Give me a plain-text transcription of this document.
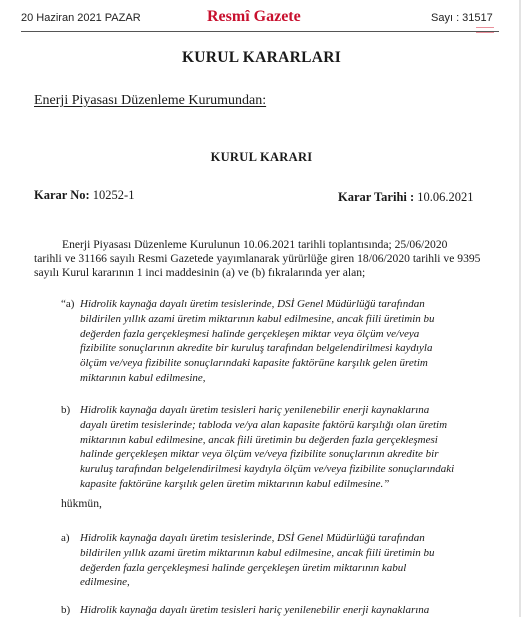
20 Haziran 2021 PAZAR	Resmî Gazete	Sayı : 31517
KURUL KARARLARI
Enerji Piyasası Düzenleme Kurumundan:
KURUL KARARI
Karar No: 10252-1	Karar Tarihi : 10.06.2021
Enerji Piyasası Düzenleme Kurulunun 10.06.2021 tarihli toplantısında; 25/06/2020
tarihli ve 31166 sayılı Resmi Gazetede yayımlanarak yürürlüğe giren 18/06/2020 tarihli ve 9395
sayılı Kurul kararının 1 inci maddesinin (a) ve (b) fıkralarında yer alan;
“a) Hidrolik kaynağa dayalı üretim tesislerinde, DSİ Genel Müdürlüğü tarafından
bildirilen yıllık azami üretim miktarının kabul edilmesine, ancak fiili üretimin bu
değerden fazla gerçekleşmesi halinde gerçekleşen miktar veya ölçüm ve/veya
fizibilite sonuçlarının akredite bir kuruluş tarafından belgelendirilmesi kaydıyla
ölçüm ve/veya fizibilite sonuçlarındaki kapasite faktörüne karşılık gelen üretim
miktarının kabul edilmesine,
b) Hidrolik kaynağa dayalı üretim tesisleri hariç yenilenebilir enerji kaynaklarına
dayalı üretim tesislerinde; tabloda ve/ya alan kapasite faktörü karşılığı olan üretim
miktarının kabul edilmesine, ancak fiili üretimin bu değerden fazla gerçekleşmesi
halinde gerçekleşen miktar veya ölçüm ve/veya fizibilite sonuçlarının akredite bir
kuruluş tarafından belgelendirilmesi kaydıyla ölçüm ve/veya fizibilite sonuçlarındaki
kapasite faktörüne karşılık gelen üretim miktarının kabul edilmesine.”
hükmün,
a) Hidrolik kaynağa dayalı üretim tesislerinde, DSİ Genel Müdürlüğü tarafından
bildirilen yıllık azami üretim miktarının kabul edilmesine, ancak fiili üretimin bu
değerden fazla gerçekleşmesi halinde gerçekleşen üretim miktarının kabul
edilmesine,
b) Hidrolik kaynağa dayalı üretim tesisleri hariç yenilenebilir enerji kaynaklarına
